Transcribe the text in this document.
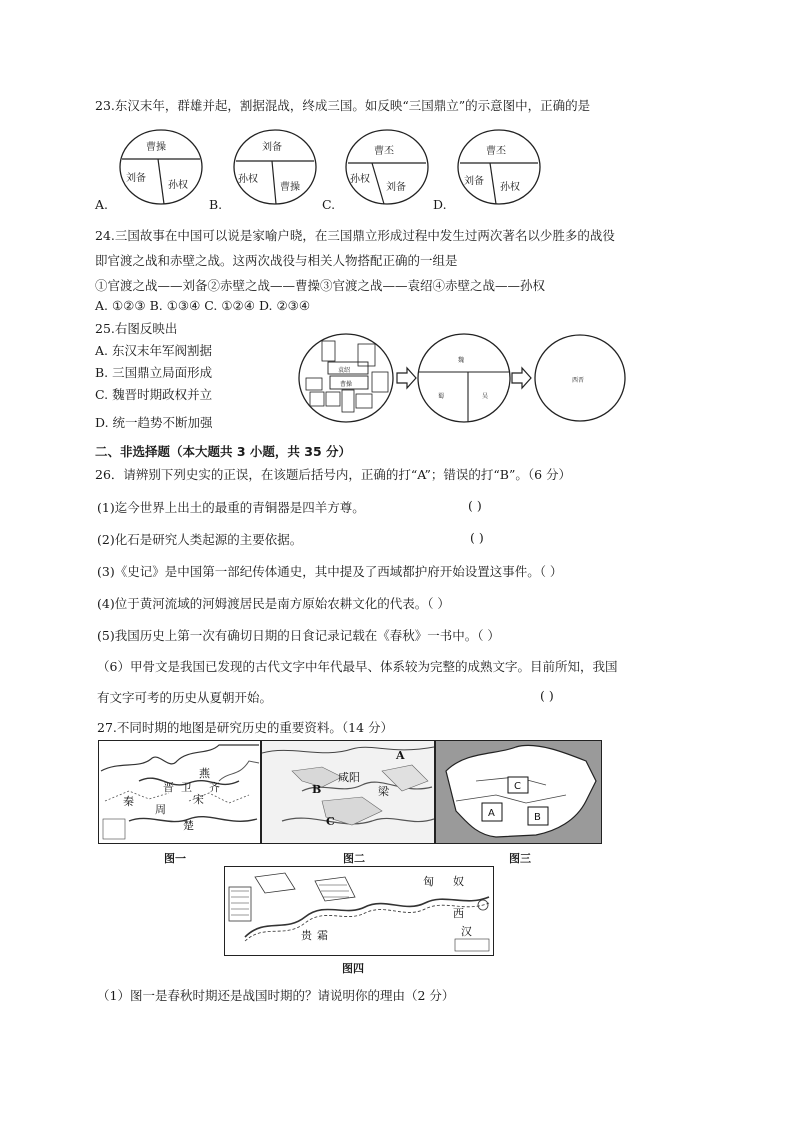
23.东汉末年，群雄并起，割据混战，终成三国。如反映“三国鼎立”的示意图中，正确的是
A.
曹操
刘备
孙权
B.
刘备
孙权
曹操
C.
曹丕
孙权
刘备
D.
曹丕
刘备
孙权
24.三国故事在中国可以说是家喻户晓，在三国鼎立形成过程中发生过两次著名以少胜多的战役
即官渡之战和赤壁之战。这两次战役与相关人物搭配正确的一组是
①官渡之战——刘备②赤壁之战——曹操③官渡之战——袁绍④赤壁之战——孙权
A. ①②③ B. ①③④ C. ①②④ D. ②③④
25.右图反映出
A. 东汉末年军阀割据
B. 三国鼎立局面形成
C. 魏晋时期政权并立
D. 统一趋势不断加强
袁绍
曹操
魏
蜀	吴
西晋
二、非选择题（本大题共 3 小题，共 35 分）
26．请辨别下列史实的正误，在该题后括号内，正确的打“A”；错误的打“B”。（6 分）
(1)迄今世界上出土的最重的青铜器是四羊方尊。	( )
(2)化石是研究人类起源的主要依据。	( )
(3)《史记》是中国第一部纪传体通史，其中提及了西域都护府开始设置这事件。（ ）
(4)位于黄河流域的河姆渡居民是南方原始农耕文化的代表。（ ）
(5)我国历史上第一次有确切日期的日食记录记载在《春秋》一书中。（ ）
（6）甲骨文是我国已发现的古代文字中年代最早、体系较为完整的成熟文字。目前所知，我国
有文字可考的历史从夏朝开始。	( )
27.不同时期的地图是研究历史的重要资料。（14 分）
燕
齐
晋 卫
宋
秦
周
楚
图一
A
B
咸阳
C
梁
图二
C
A	B
图三
匈 奴
贵 霜
西
汉
图四
（1）图一是春秋时期还是战国时期的？请说明你的理由（2 分）
